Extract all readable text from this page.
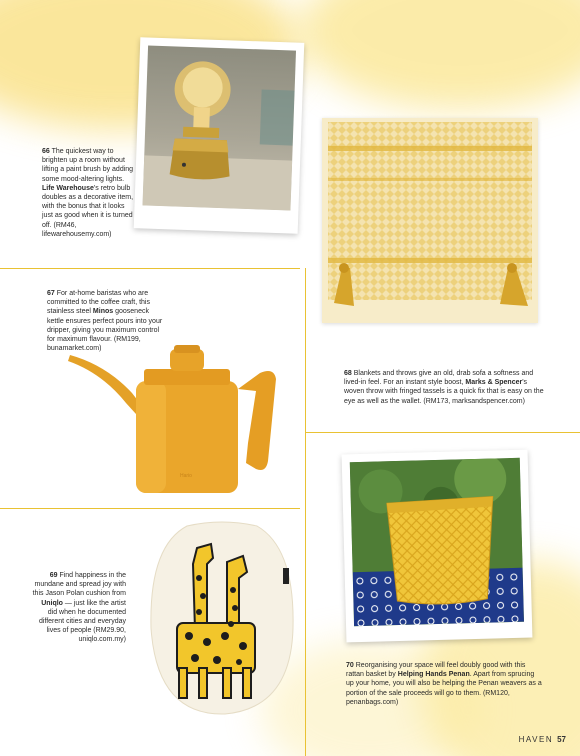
66 The quickest way to brighten up a room without lifting a paint brush by adding some mood-altering lights. Life Warehouse's retro bulb doubles as a decorative item, with the bonus that it looks just as good when it is turned off. (RM46, lifewarehousemy.com)
68 Blankets and throws give an old, drab sofa a softness and lived-in feel. For an instant style boost, Marks & Spencer's woven throw with fringed tassels is a quick fix that is easy on the eye as well as the wallet. (RM173, marksandspencer.com)
67 For at-home baristas who are committed to the coffee craft, this stainless steel Minos gooseneck kettle ensures perfect pours into your dripper, giving you maximum control for maximum flavour. (RM199, bunamarket.com)
Hario
69 Find happiness in the mundane and spread joy with this Jason Polan cushion from Uniqlo — just like the artist did when he documented different cities and everyday lives of people (RM29.90, uniqlo.com.my)
70 Reorganising your space will feel doubly good with this rattan basket by Helping Hands Penan. Apart from sprucing up your home, you will also be helping the Penan weavers as a portion of the sale proceeds will go to them. (RM120, penanbags.com)
HAVEN 57
